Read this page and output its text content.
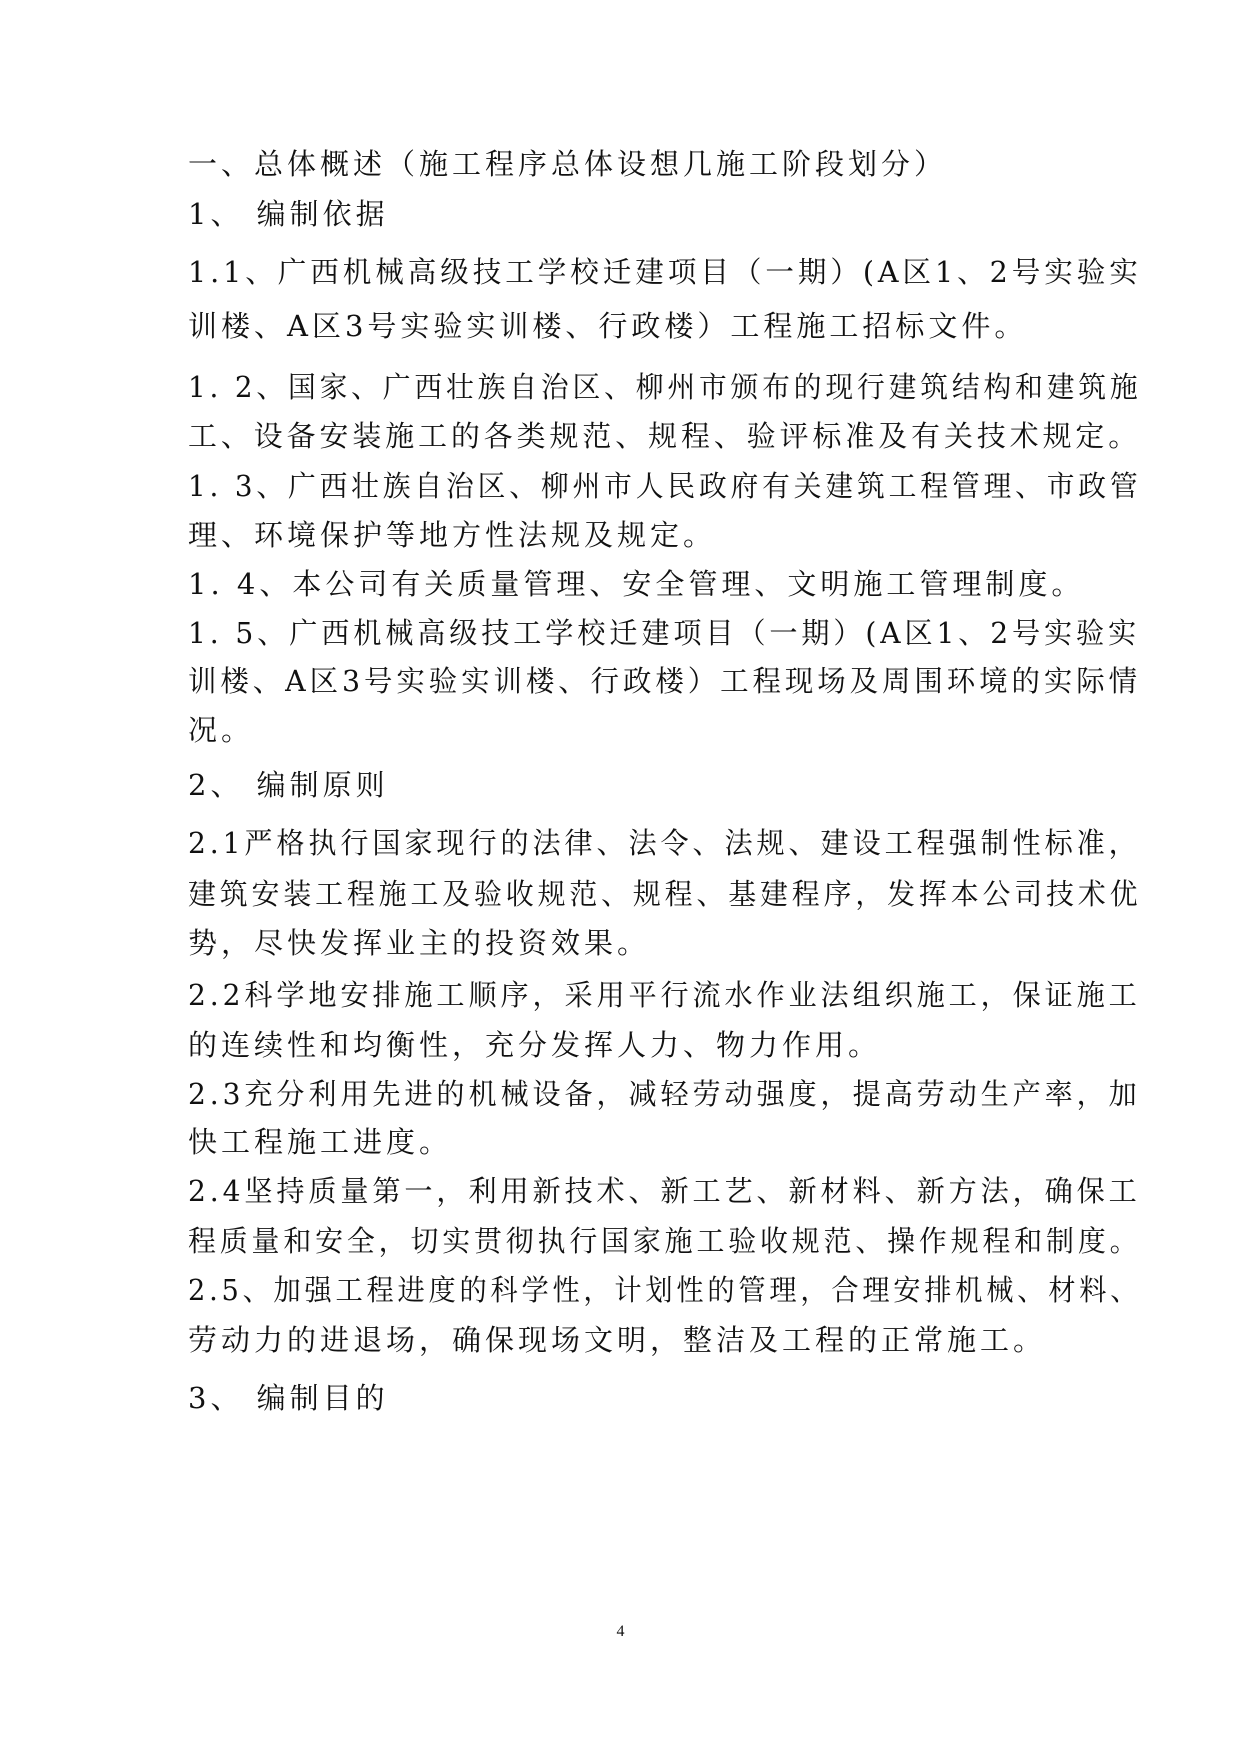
一、总体概述（施工程序总体设想几施工阶段划分）
1、 编制依据
1.1、广西机械高级技工学校迁建项目（一期）(A区1、2号实验实
训楼、A区3号实验实训楼、行政楼）工程施工招标文件。
1. 2、国家、广西壮族自治区、柳州市颁布的现行建筑结构和建筑施
工、设备安装施工的各类规范、规程、验评标准及有关技术规定。
1. 3、广西壮族自治区、柳州市人民政府有关建筑工程管理、市政管
理、环境保护等地方性法规及规定。
1. 4、本公司有关质量管理、安全管理、文明施工管理制度。
1. 5、广西机械高级技工学校迁建项目（一期）(A区1、2号实验实
训楼、A区3号实验实训楼、行政楼）工程现场及周围环境的实际情
况。
2、 编制原则
2.1严格执行国家现行的法律、法令、法规、建设工程强制性标准，
建筑安装工程施工及验收规范、规程、基建程序，发挥本公司技术优
势，尽快发挥业主的投资效果。
2.2科学地安排施工顺序，采用平行流水作业法组织施工，保证施工
的连续性和均衡性，充分发挥人力、物力作用。
2.3充分利用先进的机械设备，减轻劳动强度，提高劳动生产率，加
快工程施工进度。
2.4坚持质量第一，利用新技术、新工艺、新材料、新方法，确保工
程质量和安全，切实贯彻执行国家施工验收规范、操作规程和制度。
2.5、加强工程进度的科学性，计划性的管理，合理安排机械、材料、
劳动力的进退场，确保现场文明，整洁及工程的正常施工。
3、 编制目的
4
